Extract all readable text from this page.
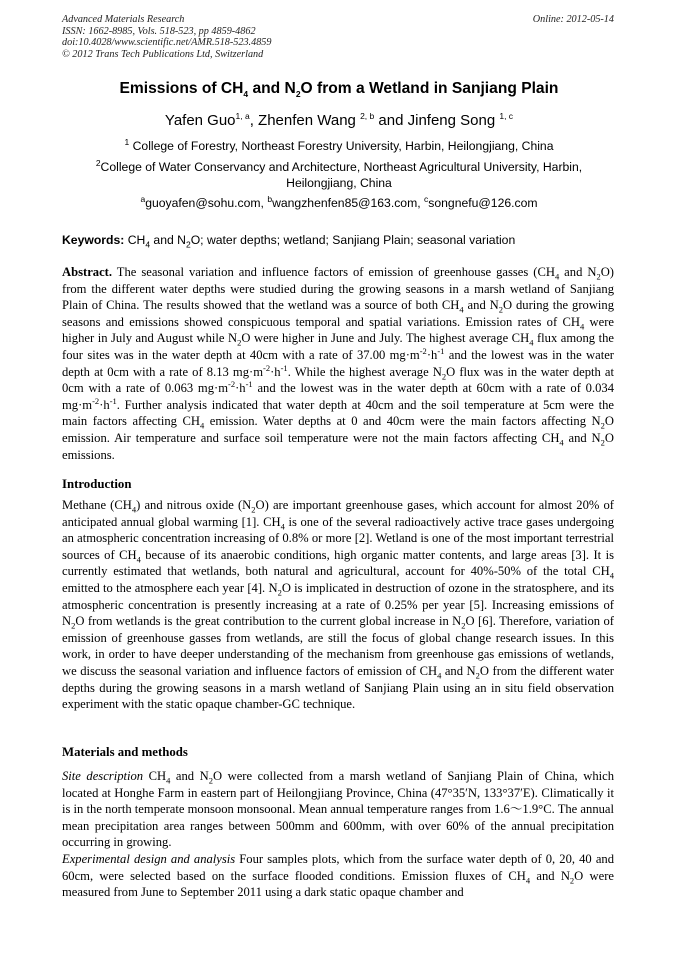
Advanced Materials Research
ISSN: 1662-8985, Vols. 518-523, pp 4859-4862
doi:10.4028/www.scientific.net/AMR.518-523.4859
© 2012 Trans Tech Publications Ltd, Switzerland
Online: 2012-05-14
Emissions of $CH_4$ and $N_2O$ from a Wetland in Sanjiang Plain
Yafen Guo$^{1, a}$, Zhenfen Wang $^{2, b}$ and Jinfeng Song $^{1, c}$
$^1$ College of Forestry, Northeast Forestry University, Harbin, Heilongjiang, China
$^2$College of Water Conservancy and Architecture, Northeast Agricultural University, Harbin, Heilongjiang, China
$^a$guoyafen@sohu.com, $^b$wangzhenfen85@163.com, $^c$songnefu@126.com
Keywords: $CH_4$ and $N_2O$; water depths; wetland; Sanjiang Plain; seasonal variation
Abstract. The seasonal variation and influence factors of emission of greenhouse gasses ($CH_4$ and $N_2O$) from the different water depths were studied during the growing seasons in a marsh wetland of Sanjiang Plain of China. The results showed that the wetland was a source of both $CH_4$ and $N_2O$ during the growing seasons and emissions showed conspicuous temporal and spatial variations. Emission rates of $CH_4$ were higher in July and August while $N_2O$ were higher in June and July. The highest average $CH_4$ flux among the four sites was in the water depth at 40cm with a rate of 37.00 $mg\cdot m^{-2}\cdot h^{-1}$ and the lowest was in the water depth at 0cm with a rate of 8.13 $mg\cdot m^{-2}\cdot h^{-1}$. While the highest average $N_2O$ flux was in the water depth at 0cm with a rate of 0.063 $mg\cdot m^{-2}\cdot h^{-1}$ and the lowest was in the water depth at 60cm with a rate of 0.034 $mg\cdot m^{-2}\cdot h^{-1}$. Further analysis indicated that water depth at 40cm and the soil temperature at 5cm were the main factors affecting $CH_4$ emission. Water depths at 0 and 40cm were the main factors affecting $N_2O$ emission. Air temperature and surface soil temperature were not the main factors affecting $CH_4$ and $N_2O$ emissions.
Introduction
Methane $(CH_4)$ and nitrous oxide $(N_2O)$ are important greenhouse gases, which account for almost 20% of anticipated annual global warming [1]. $CH_4$ is one of the several radioactively active trace gases undergoing an atmospheric concentration increasing of 0.8% or more [2]. Wetland is one of the most important terrestrial sources of $CH_4$ because of its anaerobic conditions, high organic matter contents, and large areas [3]. It is currently estimated that wetlands, both natural and agricultural, account for 40%-50% of the total $CH_4$ emitted to the atmosphere each year [4]. $N_2O$ is implicated in destruction of ozone in the stratosphere, and its atmospheric concentration is presently increasing at a rate of 0.25% per year [5]. Increasing emissions of $N_2O$ from wetlands is the great contribution to the current global increase in $N_2O$ [6]. Therefore, variation of emission of greenhouse gasses from wetlands, are still the focus of global change research issues. In this work, in order to have deeper understanding of the mechanism from greenhouse gas emissions of wetlands, we discuss the seasonal variation and influence factors of emission of $CH_4$ and $N_2O$ from the different water depths during the growing seasons in a marsh wetland of Sanjiang Plain using an in situ field observation experiment with the static opaque chamber-GC technique.
Materials and methods
Site description $CH_4$ and $N_2O$ were collected from a marsh wetland of Sanjiang Plain of China, which located at Honghe Farm in eastern part of Heilongjiang Province, China (47°35′N, 133°37′E). Climatically it is in the north temperate monsoon monsoonal. Mean annual temperature ranges from 1.6～1.9°C. The annual mean precipitation area ranges between 500mm and 600mm, with over 60% of the annual precipitation occurring in growing.
Experimental design and analysis Four samples plots, which from the surface water depth of 0, 20, 40 and 60cm, were selected based on the surface flooded conditions. Emission fluxes of $CH_4$ and $N_2O$ were measured from June to September 2011 using a dark static opaque chamber and
